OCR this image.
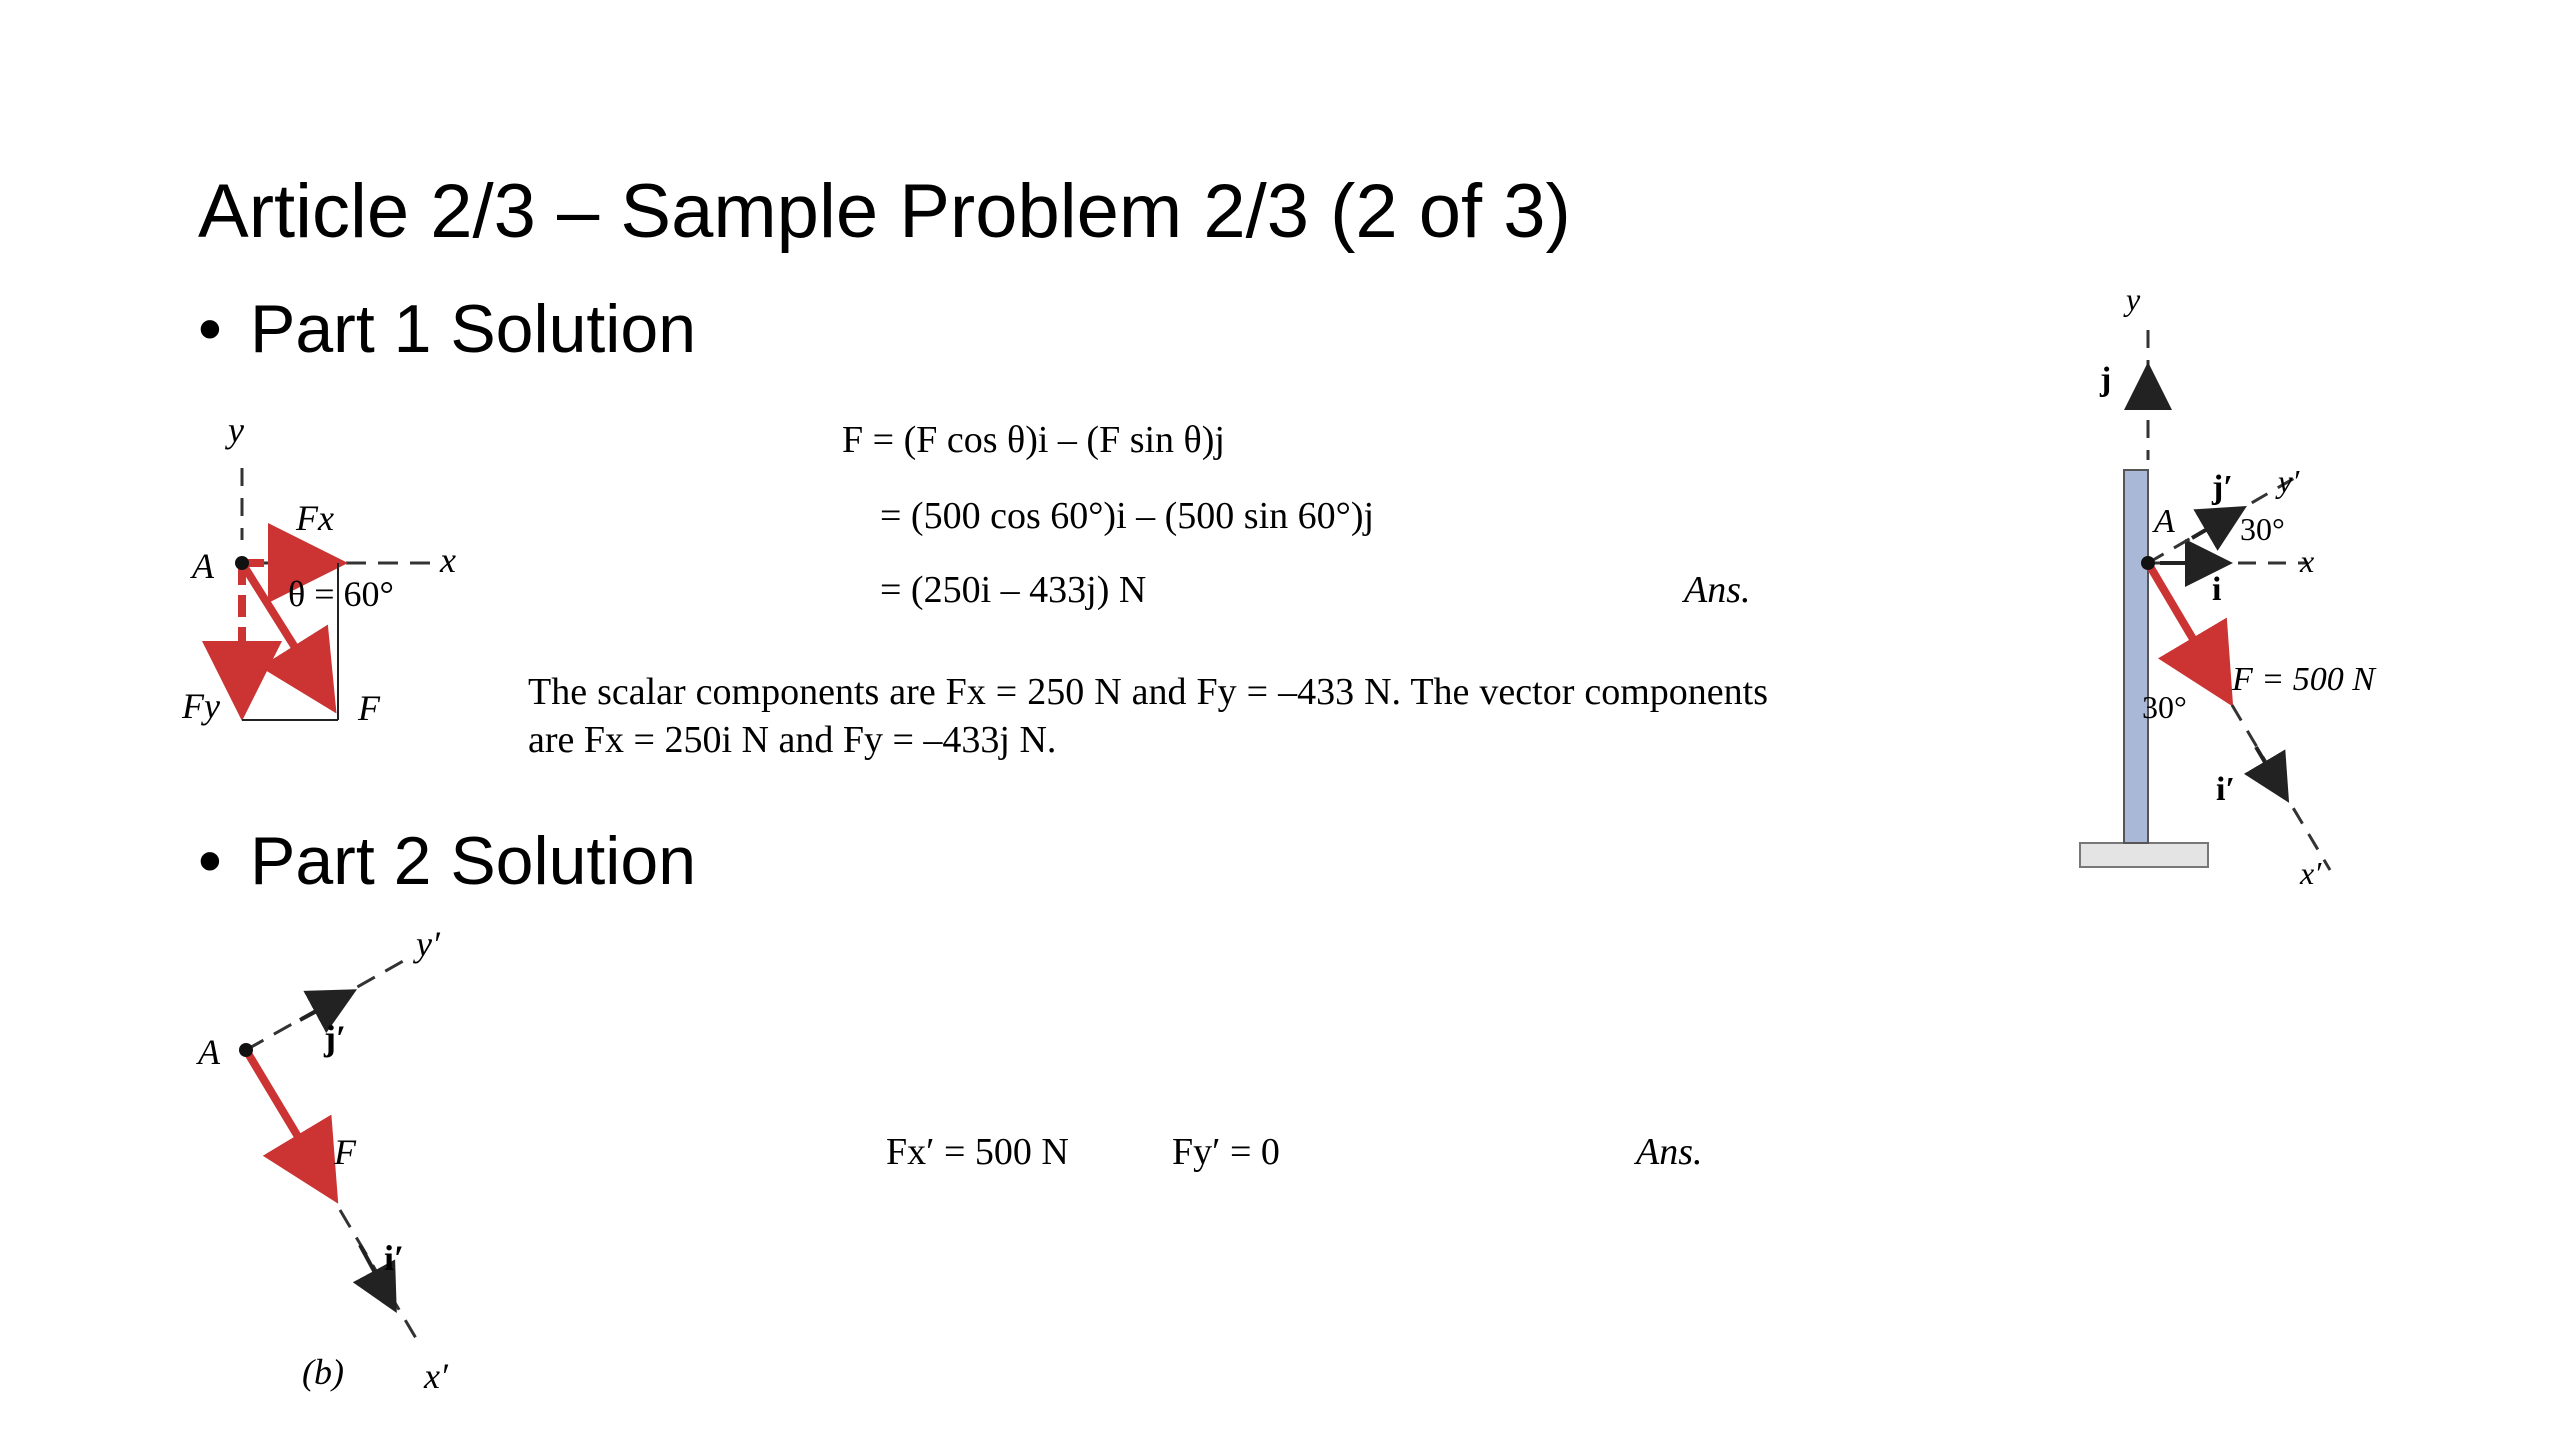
Article 2/3 – Sample Problem 2/3 (2 of 3)
• Part 1 Solution
• Part 2 Solution
F = (F cos θ)i – (F sin θ)j
= (500 cos 60°)i – (500 sin 60°)j
= (250i – 433j) N	Ans.
The scalar components are Fx = 250 N and Fy = –433 N. The vector components are Fx = 250i N and Fy = –433j N.
Fx′ = 500 N	Fy′ = 0	Ans.
y
x
A
Fx
Fy	F
θ = 60°
A
y′
j′
F
i′
x′
(b)
y
j
j′ y′
A 30°
x
i
F = 500 N
30°
i′
x′
